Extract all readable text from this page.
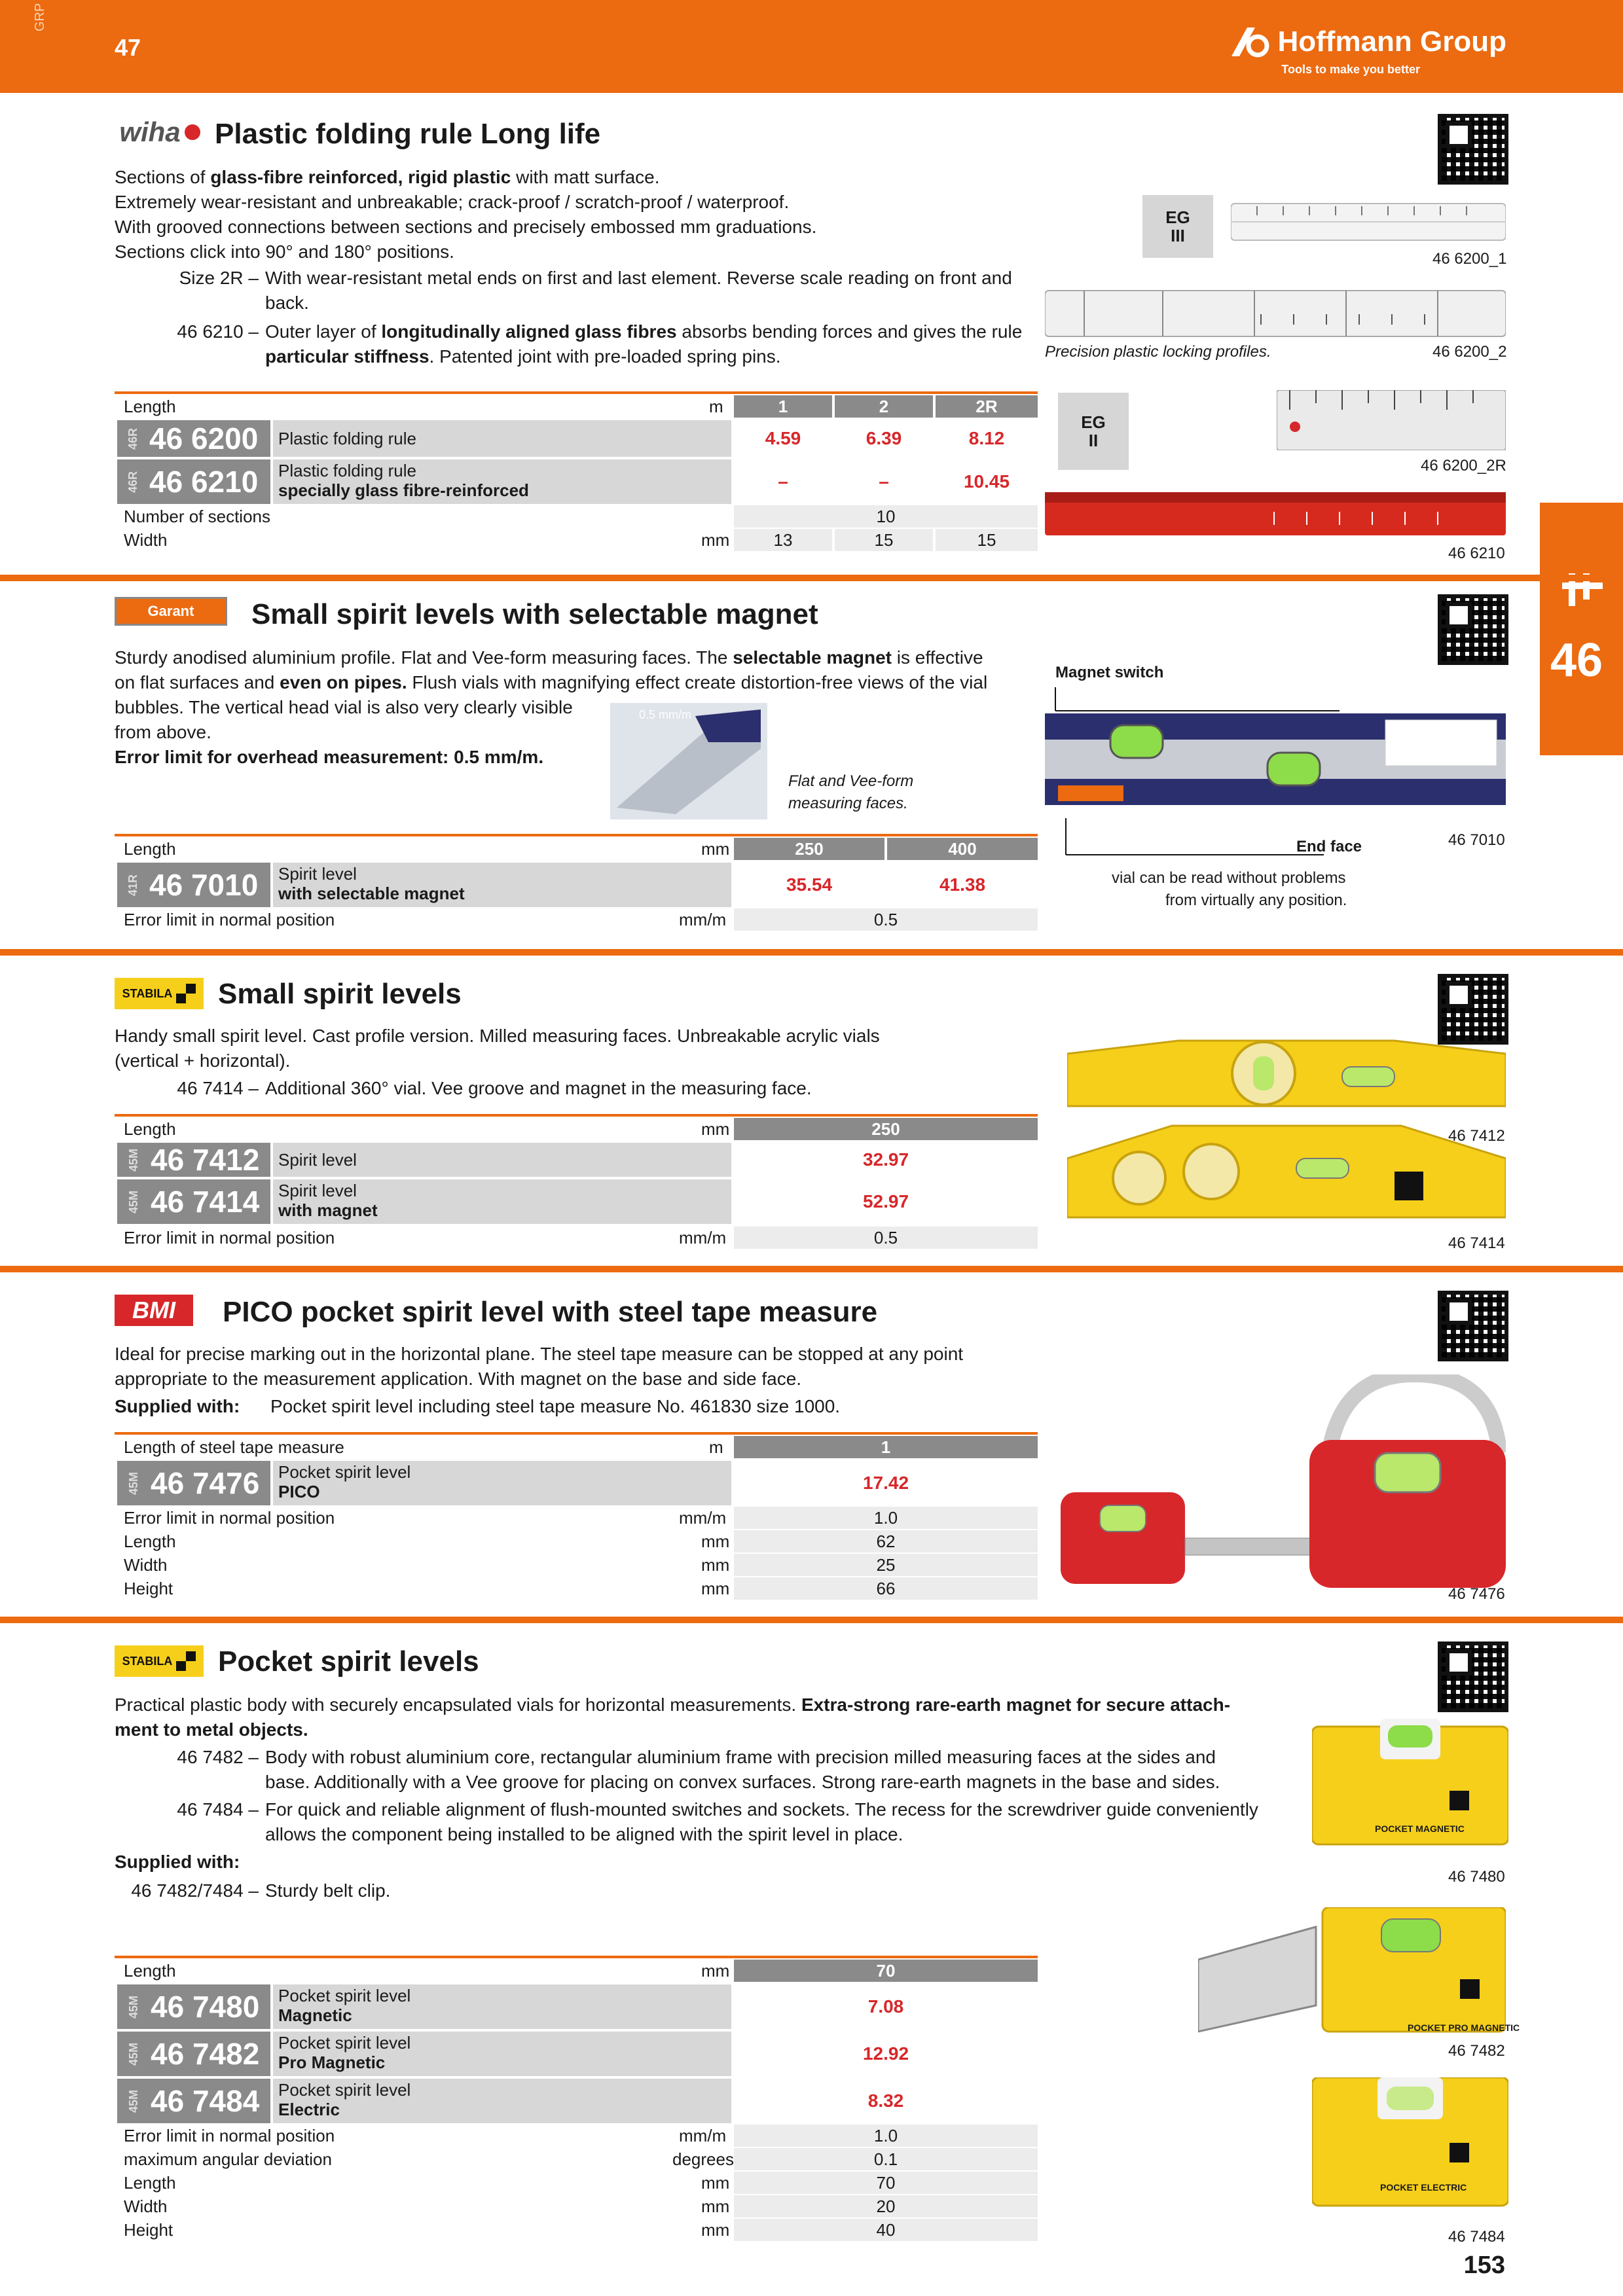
GRP
47	Hoffmann Group
Tools to make you better
46
wiha Plastic folding rule Long life
Sections of glass-fibre reinforced, rigid plastic with matt surface.
Extremely wear-resistant and unbreakable; crack-proof / scratch-proof / waterproof.
With grooved connections between sections and precisely embossed mm graduations.
Sections click into 90° and 180° positions.
Size 2R – With wear-resistant metal ends on first and last element. Reverse scale reading on front and back.
46 6210 – Outer layer of longitudinally aligned glass fibres absorbs bending forces and gives the rule particular stiffness. Patented joint with pre-loaded spring pins.
EG
III
46 6200_1
Precision plastic locking profiles.	46 6200_2
EG
II
46 6200_2R
46 6210
Length	m	1	2	2R
46R 46 6200 Plastic folding rule	4.59	6.39	8.12
46R 46 6210 Plastic folding rule
specially glass fibre-reinforced	–	–	10.45
Number of sections	10
Width	mm	13	15	15
Garant Small spirit levels with selectable magnet
Sturdy anodised aluminium profile. Flat and Vee-form measuring faces. The selectable magnet is effective
on flat surfaces and even on pipes. Flush vials with magnifying effect create distortion-free views of the vial
bubbles. The vertical head vial is also very clearly visible
from above.
Error limit for overhead measurement: 0.5 mm/m.
0.5 mm/m
Flat and Vee-form
measuring faces.
Magnet switch
End face
vial can be read without problems
from virtually any position.
46 7010
Length	mm	250	400
41R 46 7010 Spirit level
with selectable magnet	35.54	41.38
Error limit in normal position	mm/m	0.5
STABILA Small spirit levels
Handy small spirit level. Cast profile version. Milled measuring faces. Unbreakable acrylic vials
(vertical + horizontal).
46 7414 – Additional 360° vial. Vee groove and magnet in the measuring face.
46 7412
46 7414
Length	mm	250
45M 46 7412 Spirit level	32.97
45M 46 7414 Spirit level
with magnet	52.97
Error limit in normal position	mm/m	0.5
BMI PICO pocket spirit level with steel tape measure
Ideal for precise marking out in the horizontal plane. The steel tape measure can be stopped at any point
appropriate to the measurement application. With magnet on the base and side face.
Supplied with:	Pocket spirit level including steel tape measure No. 461830 size 1000.
46 7476
Length of steel tape measure	m	1
45M 46 7476 Pocket spirit level
PICO	17.42
Error limit in normal position	mm/m	1.0
Length	mm	62
Width	mm	25
Height	mm	66
STABILA Pocket spirit levels
Practical plastic body with securely encapsulated vials for horizontal measurements. Extra-strong rare-earth magnet for secure attach-
ment to metal objects.
46 7482 – Body with robust aluminium core, rectangular aluminium frame with precision milled measuring faces at the sides and
base. Additionally with a Vee groove for placing on convex surfaces. Strong rare-earth magnets in the base and sides.
46 7484 – For quick and reliable alignment of flush-mounted switches and sockets. The recess for the screwdriver guide conveniently
allows the component being installed to be aligned with the spirit level in place.
Supplied with:
46 7482/7484 – Sturdy belt clip.
POCKET MAGNETIC
46 7480
POCKET PRO MAGNETIC
46 7482
POCKET ELECTRIC
46 7484
Length	mm	70
45M 46 7480 Pocket spirit level
Magnetic	7.08
45M 46 7482 Pocket spirit level
Pro Magnetic	12.92
45M 46 7484 Pocket spirit level
Electric	8.32
Error limit in normal position	mm/m	1.0
maximum angular deviation	degrees	0.1
Length	mm	70
Width	mm	20
Height	mm	40
153
